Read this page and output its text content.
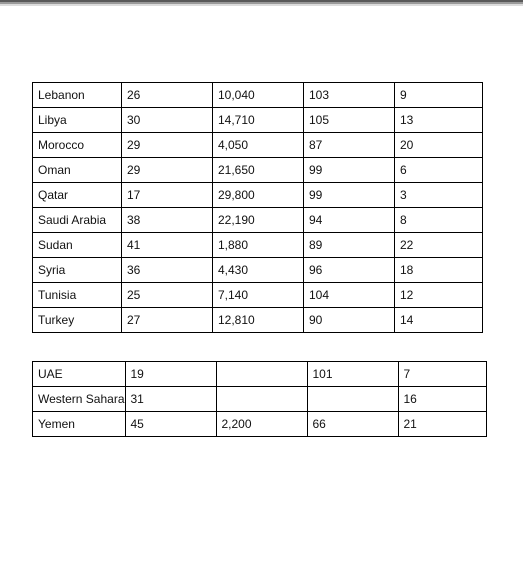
Lebanon	26	10,040	103	9
Libya	30	14,710	105	13
Morocco	29	4,050	87	20
Oman	29	21,650	99	6
Qatar	17	29,800	99	3
Saudi Arabia	38	22,190	94	8
Sudan	41	1,880	89	22
Syria	36	4,430	96	18
Tunisia	25	7,140	104	12
Turkey	27	12,810	90	14
UAE	19		101	7
Western Sahara	31			16
Yemen	45	2,200	66	21
